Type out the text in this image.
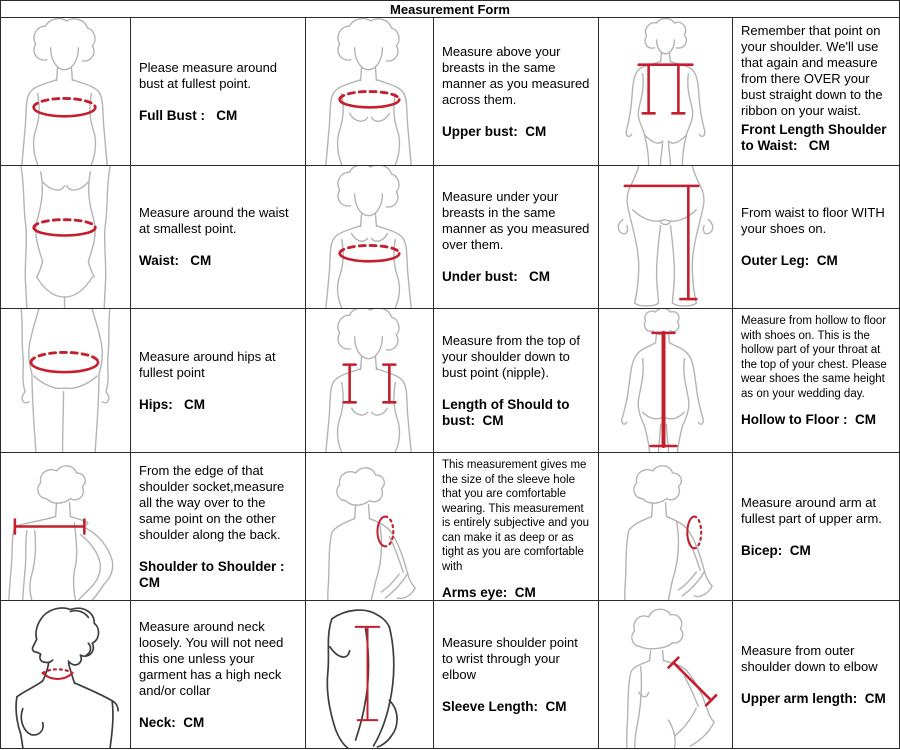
Measurement Form
Please measure around bust at fullest point.
Full Bust :   CM
Measure above your breasts in the same manner as you measured across them.
Upper bust:  CM
Remember that point on your shoulder. We'll use that again and measure from there OVER your bust straight down to the ribbon on your waist.
Front Length Shoulder to Waist:   CM
Measure around the waist at smallest point.
Waist:   CM
Measure under your breasts in the same manner as you measured over them.
Under bust:   CM
From waist to floor WITH your shoes on.
Outer Leg:  CM
Measure around hips at fullest point
Hips:   CM
Measure from the top of your shoulder down to bust point (nipple).
Length of Should to bust:  CM
Measure from hollow to floor with shoes on. This is the hollow part of your throat at the top of your chest. Please wear shoes the same height as on your wedding day.
Hollow to Floor :  CM
From the edge of that shoulder socket,measure all the way over to the same point on the other shoulder along the back.
Shoulder to Shoulder : CM
This measurement gives me the size of the sleeve hole that you are comfortable wearing. This measurement is entirely subjective and you can make it as deep or as tight as you are comfortable with
Arms eye:  CM
Measure around arm at fullest part of upper arm.
Bicep:  CM
Measure around neck loosely. You will not need this one unless your garment has a high neck and/or collar
Neck:  CM
Measure shoulder point to wrist through your elbow
Sleeve Length:  CM
Measure from outer shoulder down to elbow
Upper arm length:  CM
